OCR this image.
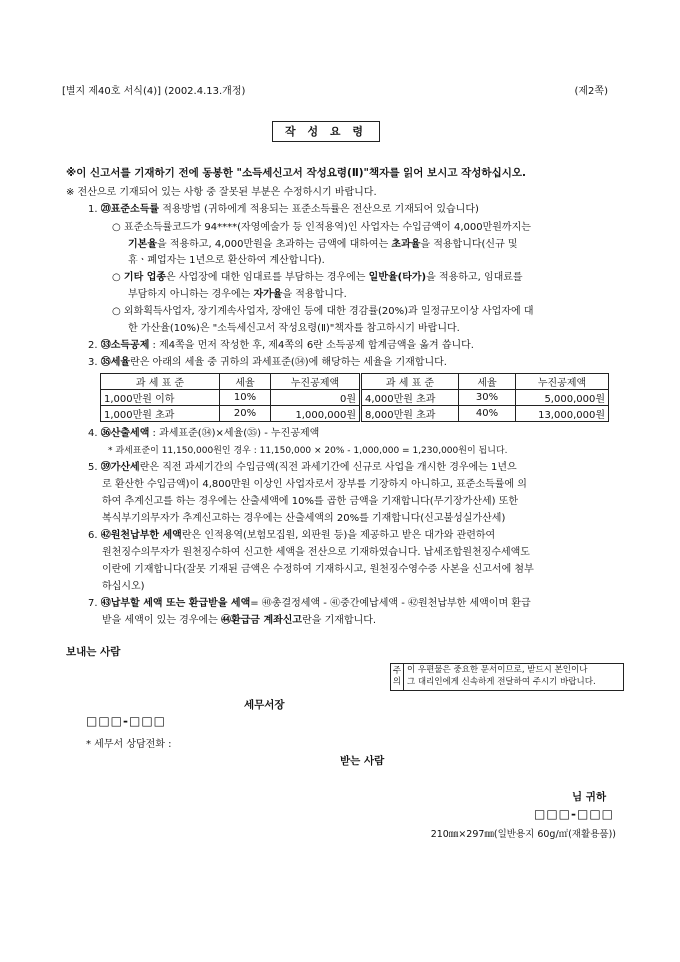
[별지 제40호 서식(4)] (2002.4.13.개정)	(제2쪽)
작 성 요 령
※이 신고서를 기재하기 전에 동봉한 "소득세신고서 작성요령(Ⅱ)"책자를 읽어 보시고 작성하십시오.
※ 전산으로 기재되어 있는 사항 중 잘못된 부분은 수정하시기 바랍니다.
1. ⑳표준소득률 적용방법 (귀하에게 적용되는 표준소득률은 전산으로 기재되어 있습니다)
○ 표준소득률코드가 94****(자영예술가 등 인적용역)인 사업자는 수입금액이 4,000만원까지는
기본율을 적용하고, 4,000만원을 초과하는 금액에 대하여는 초과율을 적용합니다(신규 및
휴ㆍ폐업자는 1년으로 환산하여 계산합니다).
○ 기타 업종은 사업장에 대한 임대료를 부담하는 경우에는 일반율(타가)을 적용하고, 임대료를
부담하지 아니하는 경우에는 자가율을 적용합니다.
○ 외화획득사업자, 장기계속사업자, 장애인 등에 대한 경감률(20%)과 일정규모이상 사업자에 대
한 가산율(10%)은 "소득세신고서 작성요령(Ⅱ)"책자를 참고하시기 바랍니다.
2. ㉝소득공제 : 제4쪽을 먼저 작성한 후, 제4쪽의 6란 소득공제 합계금액을 옮겨 씁니다.
3. ㉟세율란은 아래의 세율 중 귀하의 과세표준(㉞)에 해당하는 세율을 기재합니다.
과 세 표 준	세율	누진공제액	과 세 표 준	세율	누진공제액
1,000만원 이하	10%	0원	4,000만원 초과	30%	5,000,000원
1,000만원 초과	20%	1,000,000원	8,000만원 초과	40%	13,000,000원
4. ㊱산출세액 : 과세표준(㉞)×세율(㉟) - 누진공제액
* 과세표준이 11,150,000원인 경우 : 11,150,000 × 20% - 1,000,000 = 1,230,000원이 됩니다.
5. ㊴가산세란은 직전 과세기간의 수입금액(직전 과세기간에 신규로 사업을 개시한 경우에는 1년으
로 환산한 수입금액)이 4,800만원 이상인 사업자로서 장부를 기장하지 아니하고, 표준소득률에 의
하여 추계신고를 하는 경우에는 산출세액에 10%를 곱한 금액을 기재합니다(무기장가산세) 또한
복식부기의무자가 추계신고하는 경우에는 산출세액의 20%를 기재합니다(신고불성실가산세)
6. ㊷원천납부한 세액란은 인적용역(보험모집원, 외판원 등)을 제공하고 받은 대가와 관련하여
원천징수의무자가 원천징수하여 신고한 세액을 전산으로 기재하였습니다. 납세조합원천징수세액도
이란에 기재합니다(잘못 기재된 금액은 수정하여 기재하시고, 원천징수영수증 사본을 신고서에 첨부
하십시오)
7. ㊸납부할 세액 또는 환급받을 세액= ㊵총결정세액 - ㊶중간예납세액 - ㊷원천납부한 세액이며 환급
받을 세액이 있는 경우에는 ㊹환급금 계좌신고란을 기재합니다.
보내는 사람
주
의
이 우편물은 중요한 문서이므로, 받드시 본인이나
그 대리인에게 신속하게 전달하여 주시기 바랍니다.
세무서장
□□□-□□□
* 세무서 상담전화 :
받는 사람
님 귀하
□□□-□□□
210㎜×297㎜(일반용지 60g/㎡(재활용품))
